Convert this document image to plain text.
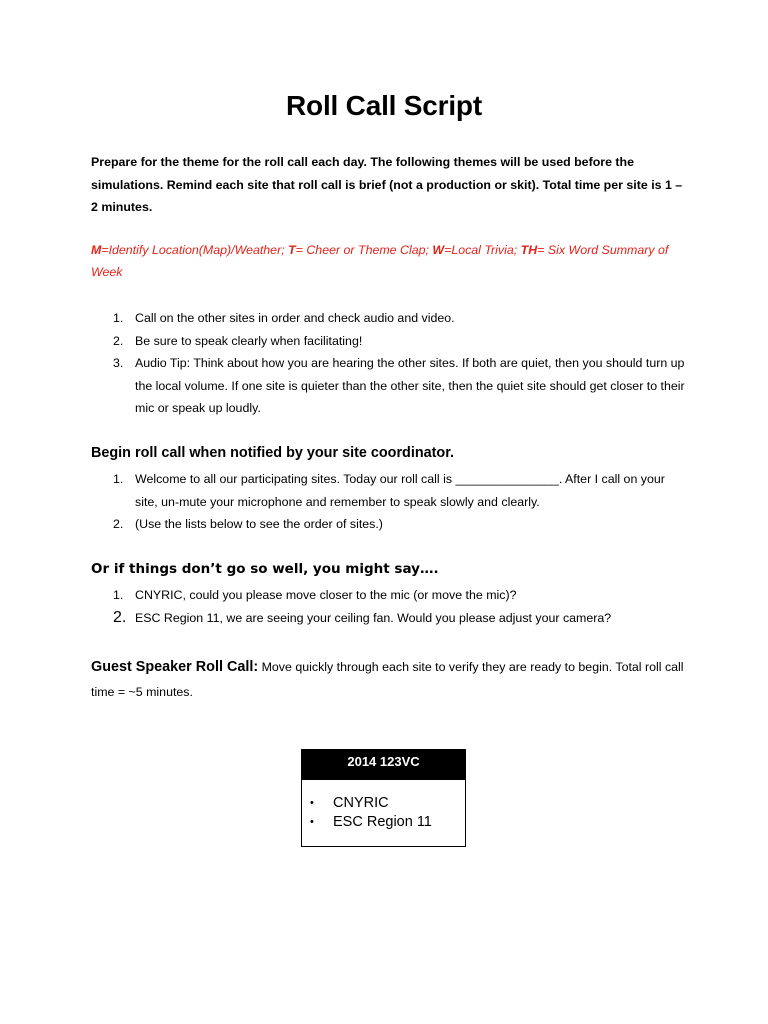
Roll Call Script

Prepare for the theme for the roll call each day. The following themes will be used before the simulations. Remind each site that roll call is brief (not a production or skit). Total time per site is 1 – 2 minutes.

M=Identify Location(Map)/Weather; T= Cheer or Theme Clap; W=Local Trivia; TH= Six Word Summary of Week

1. Call on the other sites in order and check audio and video.
2. Be sure to speak clearly when facilitating!
3. Audio Tip: Think about how you are hearing the other sites. If both are quiet, then you should turn up the local volume. If one site is quieter than the other site, then the quiet site should get closer to their mic or speak up loudly.
Begin roll call when notified by your site coordinator.
1. Welcome to all our participating sites. Today our roll call is _______________. After I call on your site, un-mute your microphone and remember to speak slowly and clearly.
2. (Use the lists below to see the order of sites.)
Or if things don’t go so well, you might say….
1. CNYRIC, could you please move closer to the mic (or move the mic)?
2. ESC Region 11, we are seeing your ceiling fan. Would you please adjust your camera?

Guest Speaker Roll Call: Move quickly through each site to verify they are ready to begin. Total roll call time = ~5 minutes.

2014 123VC
• CNYRIC
• ESC Region 11
